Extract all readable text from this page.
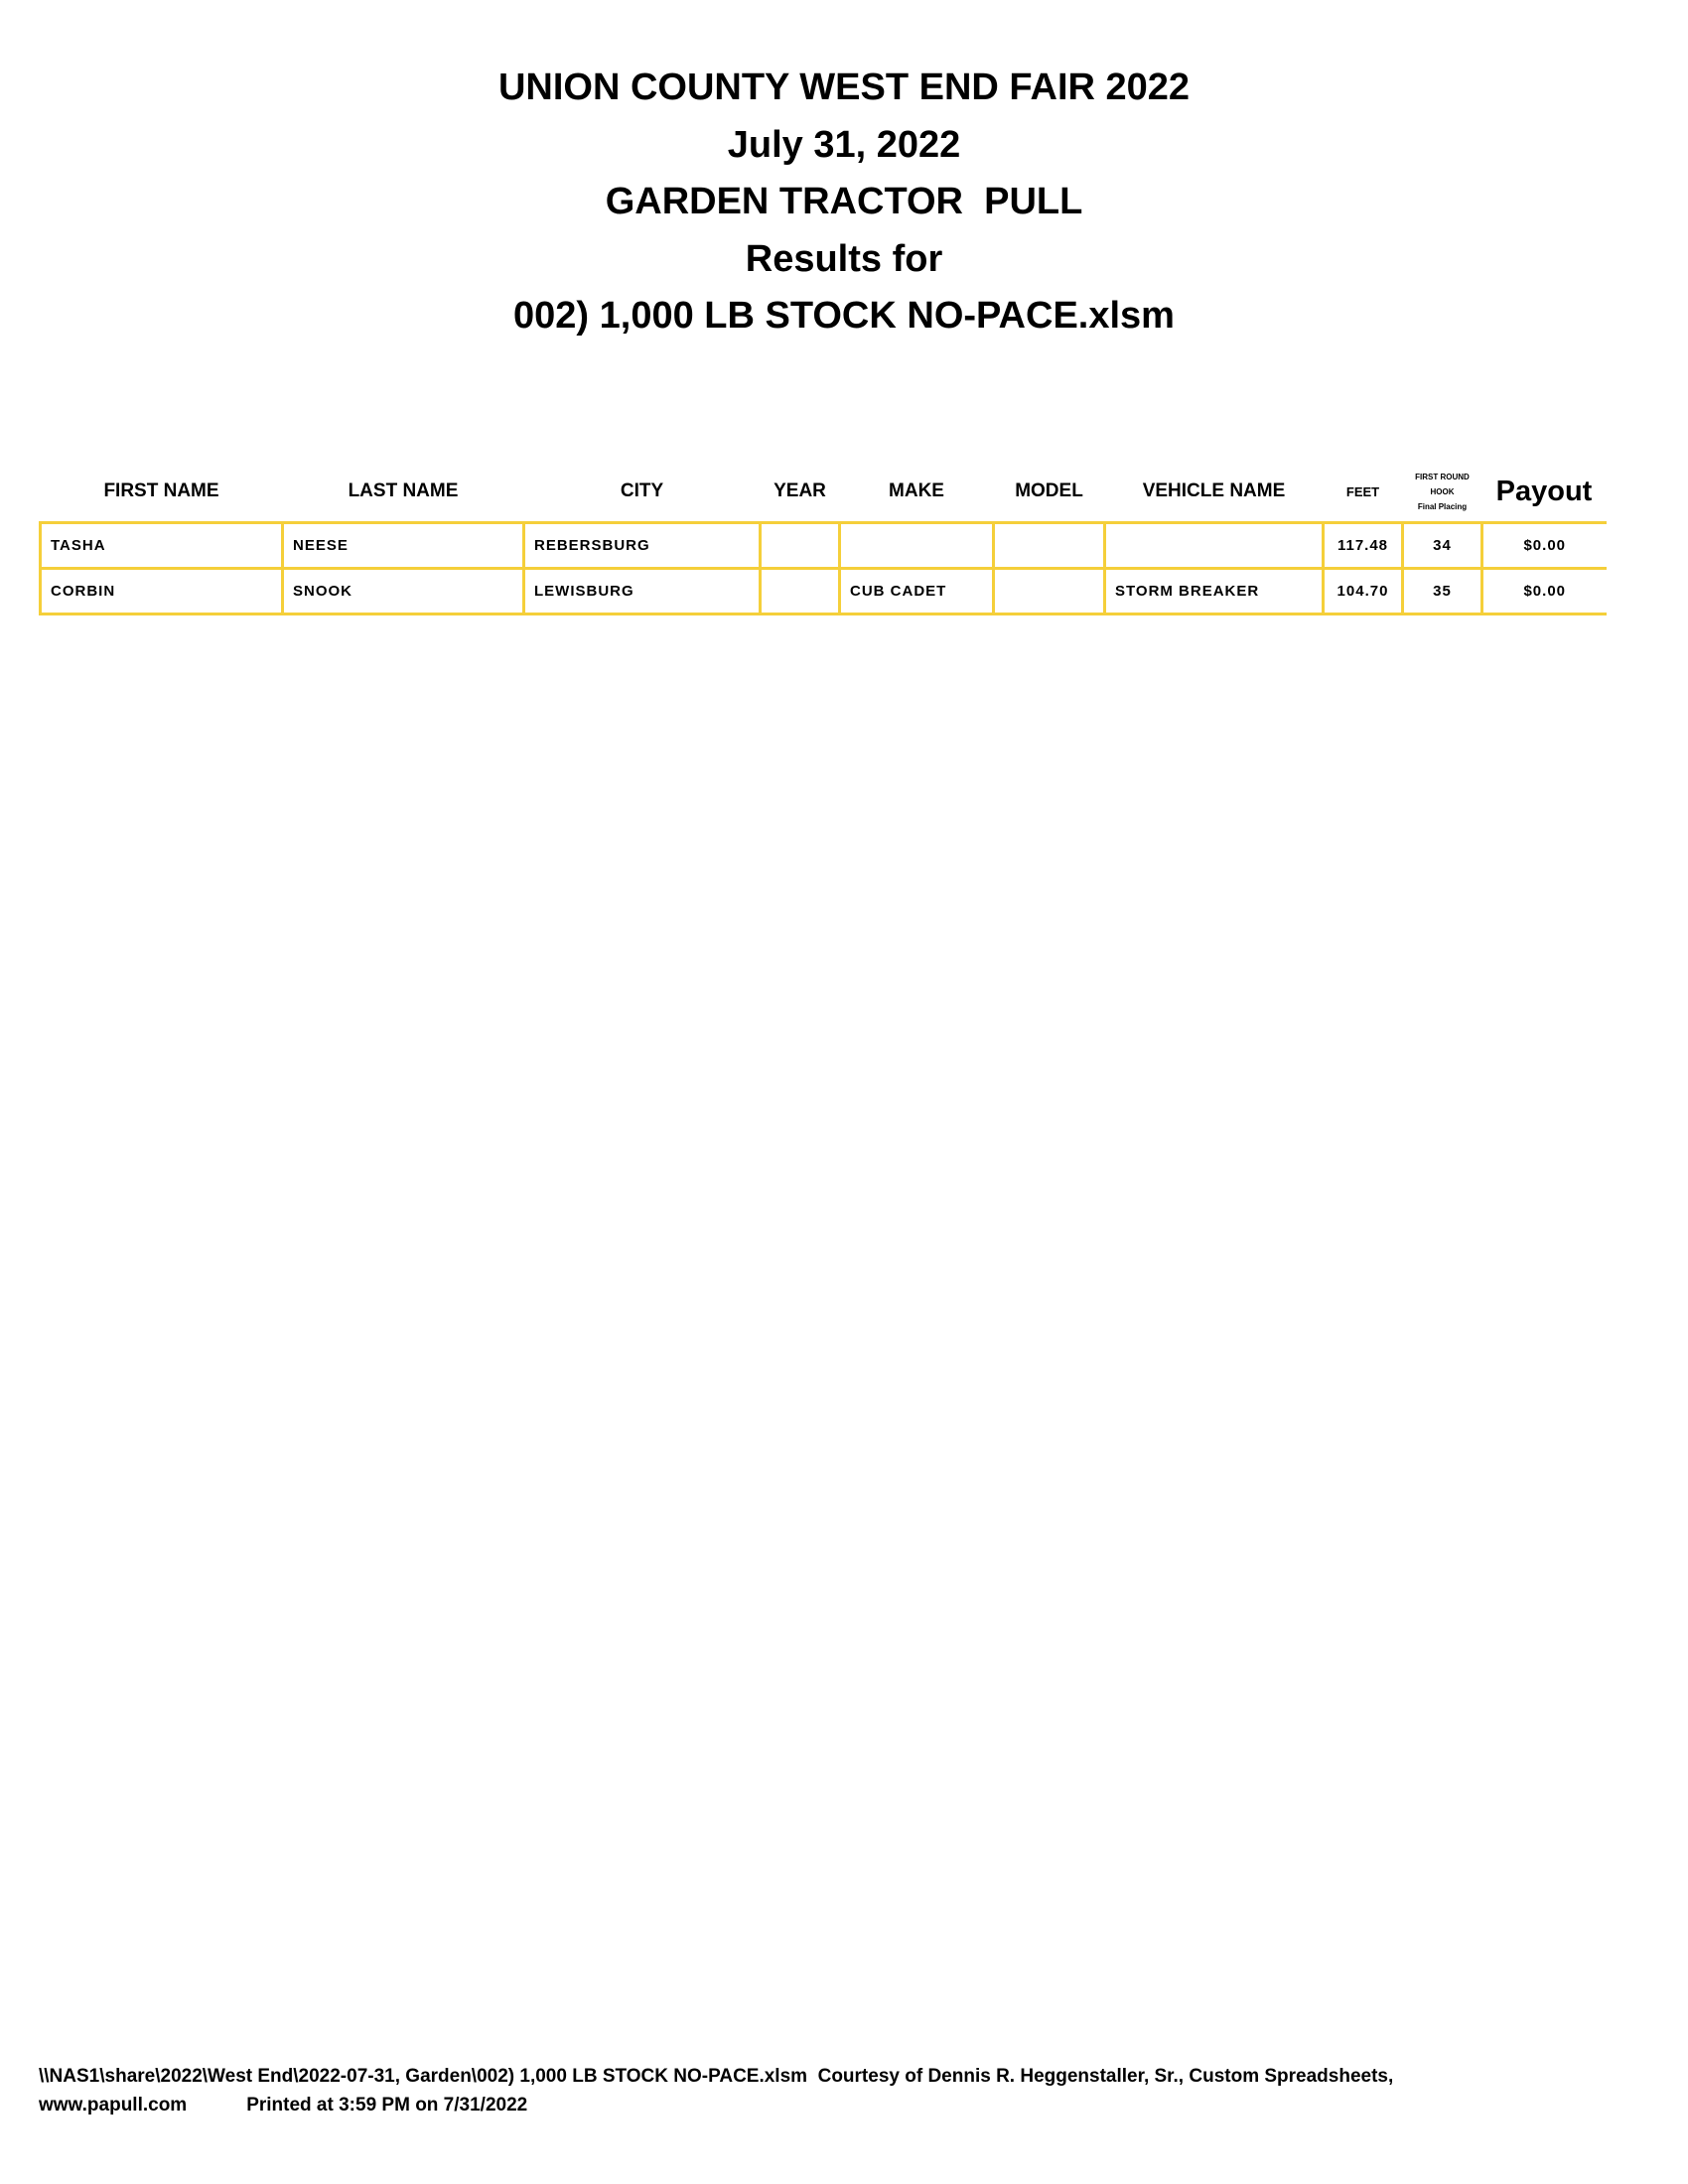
UNION COUNTY WEST END FAIR 2022
July 31, 2022
GARDEN TRACTOR  PULL
Results for
002) 1,000 LB STOCK NO-PACE.xlsm
FIRST NAME	LAST NAME	CITY	YEAR	MAKE	MODEL	VEHICLE NAME	FEET	FIRST ROUND
HOOK
Final Placing	Payout
TASHA	NEESE	REBERSBURG					117.48	34	$0.00
CORBIN	SNOOK	LEWISBURG		CUB CADET		STORM BREAKER	104.70	35	$0.00
\\NAS1\share\2022\West End\2022-07-31, Garden\002) 1,000 LB STOCK NO-PACE.xlsm  Courtesy of Dennis R. Heggenstaller, Sr., Custom Spreadsheets,
www.papull.com	Printed at 3:59 PM on 7/31/2022
